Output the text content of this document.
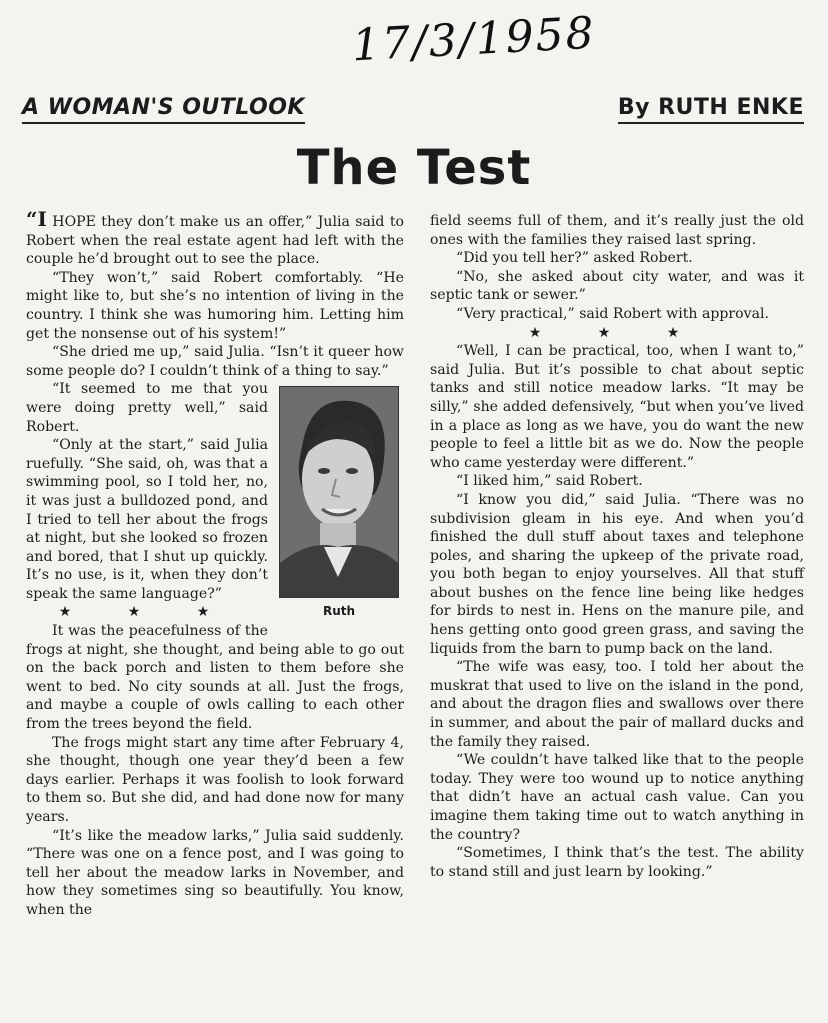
17/3/1958
A WOMAN'S OUTLOOK	By RUTH ENKE
The Test

“I HOPE they don’t make us an offer,” Julia said to Robert when the real estate agent had left with the couple he’d brought out to see the place.

“They won’t,” said Robert comfortably. “He might like to, but she’s no intention of living in the country. I think she was humoring him. Letting him get the nonsense out of his system!”

“She dried me up,” said Julia. “Isn’t it queer how some people do? I couldn’t think of a thing to say.”

Ruth

“It seemed to me that you were doing pretty well,” said Robert.

“Only at the start,” said Julia ruefully. “She said, oh, was that a swimming pool, so I told her, no, it was just a bulldozed pond, and I tried to tell her about the frogs at night, but she looked so frozen and bored, that I shut up quickly. It’s no use, is it, when they don’t speak the same language?”

★ ★ ★

It was the peacefulness of the frogs at night, she thought, and being able to go out on the back porch and listen to them before she went to bed. No city sounds at all. Just the frogs, and maybe a couple of owls calling to each other from the trees beyond the field.

The frogs might start any time after February 4, she thought, though one year they’d been a few days earlier. Perhaps it was foolish to look forward to them so. But she did, and had done now for many years.

“It’s like the meadow larks,” Julia said suddenly. “There was one on a fence post, and I was going to tell her about the meadow larks in November, and how they sometimes sing so beautifully. You know, when the

field seems full of them, and it’s really just the old ones with the families they raised last spring.

“Did you tell her?” asked Robert.

“No, she asked about city water, and was it septic tank or sewer.”

“Very practical,” said Robert with approval.

★ ★ ★

“Well, I can be practical, too, when I want to,” said Julia. But it’s possible to chat about septic tanks and still notice meadow larks. “It may be silly,” she added defensively, “but when you’ve lived in a place as long as we have, you do want the new people to feel a little bit as we do. Now the people who came yesterday were different.”

“I liked him,” said Robert.

“I know you did,” said Julia. “There was no subdivision gleam in his eye. And when you’d finished the dull stuff about taxes and telephone poles, and sharing the upkeep of the private road, you both began to enjoy yourselves. All that stuff about bushes on the fence line being like hedges for birds to nest in. Hens on the manure pile, and hens getting onto good green grass, and saving the liquids from the barn to pump back on the land.

“The wife was easy, too. I told her about the muskrat that used to live on the island in the pond, and about the dragon flies and swallows over there in summer, and about the pair of mallard ducks and the family they raised.

“We couldn’t have talked like that to the people today. They were too wound up to notice anything that didn’t have an actual cash value. Can you imagine them taking time out to watch anything in the country?

“Sometimes, I think that’s the test. The ability to stand still and just learn by looking.”
